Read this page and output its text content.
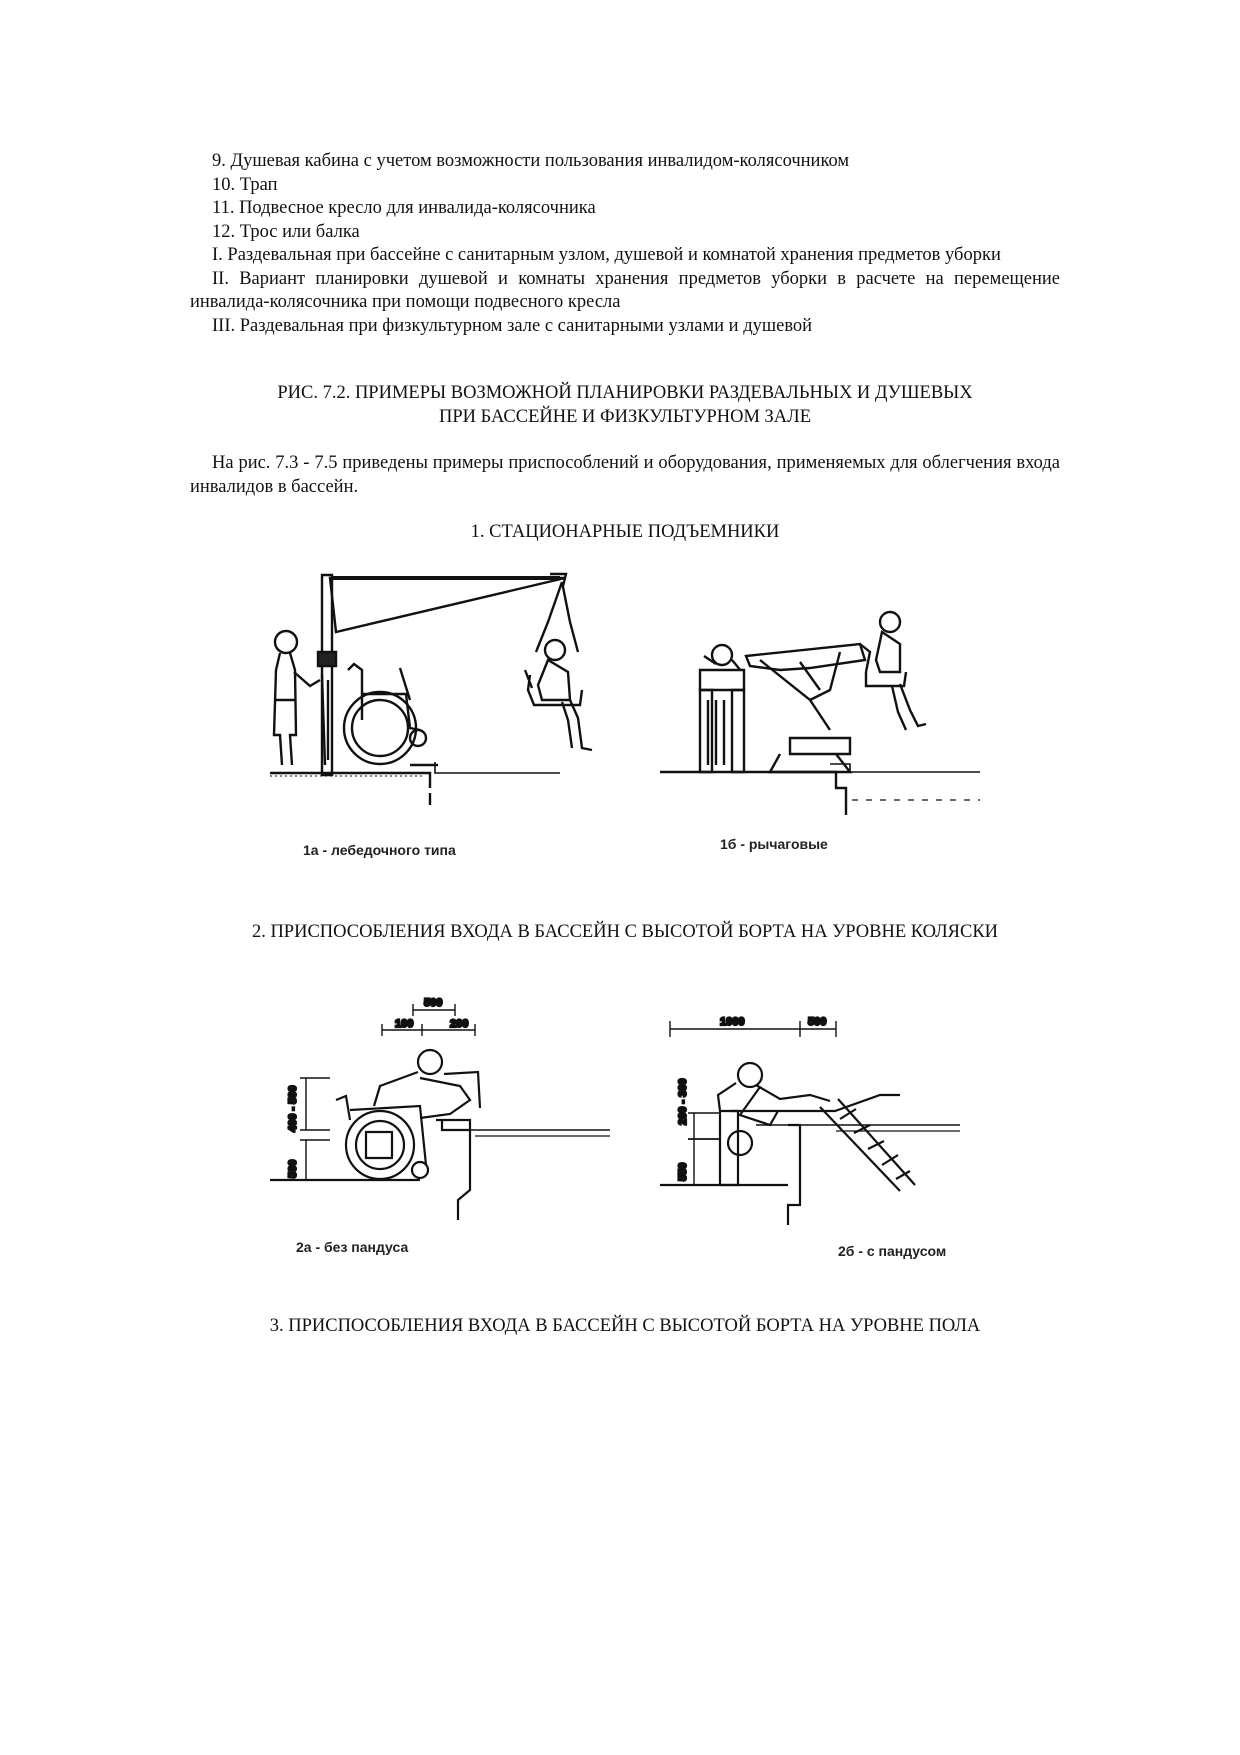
9. Душевая кабина с учетом возможности пользования инвалидом-колясочником

10. Трап

11. Подвесное кресло для инвалида-колясочника

12. Трос или балка

I. Раздевальная при бассейне с санитарным узлом, душевой и комнатой хранения предметов уборки

II. Вариант планировки душевой и комнаты хранения предметов уборки в расчете на перемещение инвалида-колясочника при помощи подвесного кресла

III. Раздевальная при физкультурном зале с санитарными узлами и душевой

РИС. 7.2. ПРИМЕРЫ ВОЗМОЖНОЙ ПЛАНИРОВКИ РАЗДЕВАЛЬНЫХ И ДУШЕВЫХ
ПРИ БАССЕЙНЕ И ФИЗКУЛЬТУРНОМ ЗАЛЕ

На рис. 7.3 - 7.5 приведены примеры приспособлений и оборудования, применяемых для облегчения входа инвалидов в бассейн.

1. СТАЦИОНАРНЫЕ ПОДЪЕМНИКИ
1а - лебедочного типа	1б - рычаговые
2. ПРИСПОСОБЛЕНИЯ ВХОДА В БАССЕЙН С ВЫСОТОЙ БОРТА НА УРОВНЕ КОЛЯСКИ
500
100	200
400 - 500
500
1000	500
200 - 300
550
2а - без пандуса	2б - с пандусом
3. ПРИСПОСОБЛЕНИЯ ВХОДА В БАССЕЙН С ВЫСОТОЙ БОРТА НА УРОВНЕ ПОЛА
